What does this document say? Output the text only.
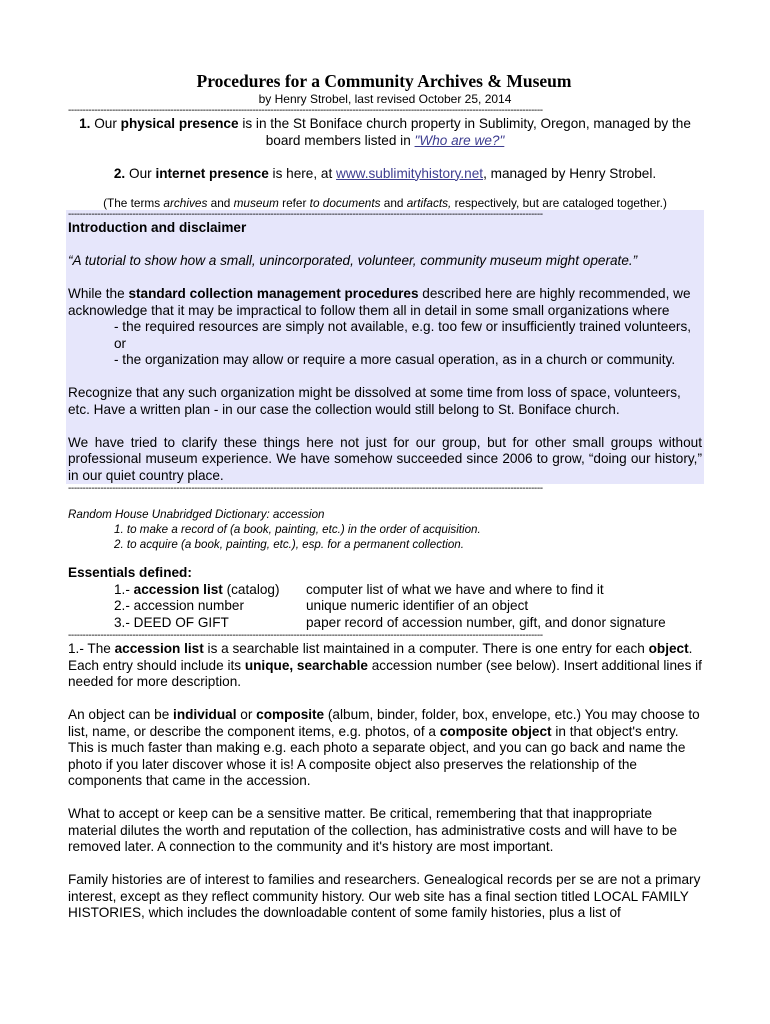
Procedures for a Community Archives & Museum
by Henry Strobel, last revised October 25, 2014
------------------------------------------------------------------------------------------------------------------------------------------------------------------

1. Our physical presence is in the St Boniface church property in Sublimity, Oregon, managed by the board members listed in "Who are we?"

2. Our internet presence is here, at www.sublimityhistory.net, managed by Henry Strobel.

(The terms archives and museum refer to documents and artifacts, respectively, but are cataloged together.)

------------------------------------------------------------------------------------------------------------------------------------------------------------------

Introduction and disclaimer

“A tutorial to show how a small, unincorporated, volunteer, community museum might operate.”

While the standard collection management procedures described here are highly recommended, we acknowledge that it may be impractical to follow them all in detail in some small organizations where

- the required resources are simply not available, e.g. too few or insufficiently trained volunteers, or

- the organization may allow or require a more casual operation, as in a church or community.

Recognize that any such organization might be dissolved at some time from loss of space, volunteers, etc. Have a written plan - in our case the collection would still belong to St. Boniface church.

We have tried to clarify these things here not just for our group, but for other small groups without professional museum experience. We have somehow succeeded since 2006 to grow, “doing our history,” in our quiet country place.

------------------------------------------------------------------------------------------------------------------------------------------------------------------
Random House Unabridged Dictionary: accession
1. to make a record of (a book, painting, etc.) in the order of acquisition.
2. to acquire (a book, painting, etc.), esp. for a permanent collection.

Essentials defined:

1.- accession list (catalog)	computer list of what we have and where to find it
2.- accession number	unique numeric identifier of an object
3.- DEED OF GIFT	paper record of accession number, gift, and donor signature
------------------------------------------------------------------------------------------------------------------------------------------------------------------

1.- The accession list is a searchable list maintained in a computer. There is one entry for each object. Each entry should include its unique, searchable accession number (see below). Insert additional lines if needed for more description.

An object can be individual or composite (album, binder, folder, box, envelope, etc.) You may choose to list, name, or describe the component items, e.g. photos, of a composite object in that object's entry. This is much faster than making e.g. each photo a separate object, and you can go back and name the photo if you later discover whose it is! A composite object also preserves the relationship of the components that came in the accession.

What to accept or keep can be a sensitive matter. Be critical, remembering that that inappropriate material dilutes the worth and reputation of the collection, has administrative costs and will have to be removed later. A connection to the community and it's history are most important.

Family histories are of interest to families and researchers. Genealogical records per se are not a primary interest, except as they reflect community history. Our web site has a final section titled LOCAL FAMILY HISTORIES, which includes the downloadable content of some family histories, plus a list of
